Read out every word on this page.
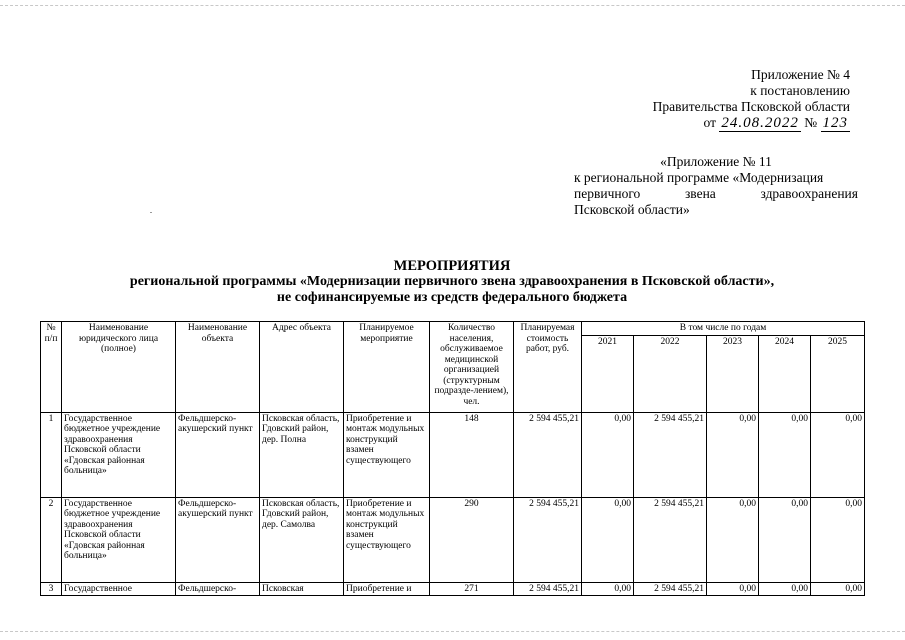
Приложение № 4
к постановлению
Правительства Псковской области
от 24.08.2022 № 123
«Приложение № 11
к региональной программе «Модернизация
первичного звена здравоохранения
Псковской области»
МЕРОПРИЯТИЯ
региональной программы «Модернизации первичного звена здравоохранения в Псковской области»,
не софинансируемые из средств федерального бюджета
№ п/п	Наименование юридического лица (полное)	Наименование объекта	Адрес объекта	Планируемое мероприятие	Количество населения, обслуживаемое медицинской организацией (структурным подразде-лением), чел.	Планируемая стоимость работ, руб.	В том числе по годам				
							2021	2022	2023	2024	2025
1	Государственное бюджетное учреждение здравоохранения Псковской области «Гдовская районная больница»	Фельдшерско-акушерский пункт	Псковская область, Гдовский район, дер. Полна	Приобретение и монтаж модульных конструкций взамен существующего	148	2 594 455,21	0,00	2 594 455,21	0,00	0,00	0,00
2	Государственное бюджетное учреждение здравоохранения Псковской области «Гдовская районная больница»	Фельдшерско-акушерский пункт	Псковская область, Гдовский район, дер. Самолва	Приобретение и монтаж модульных конструкций взамен существующего	290	2 594 455,21	0,00	2 594 455,21	0,00	0,00	0,00
3	Государственное	Фельдшерско-	Псковская	Приобретение и	271	2 594 455,21	0,00	2 594 455,21	0,00	0,00	0,00
